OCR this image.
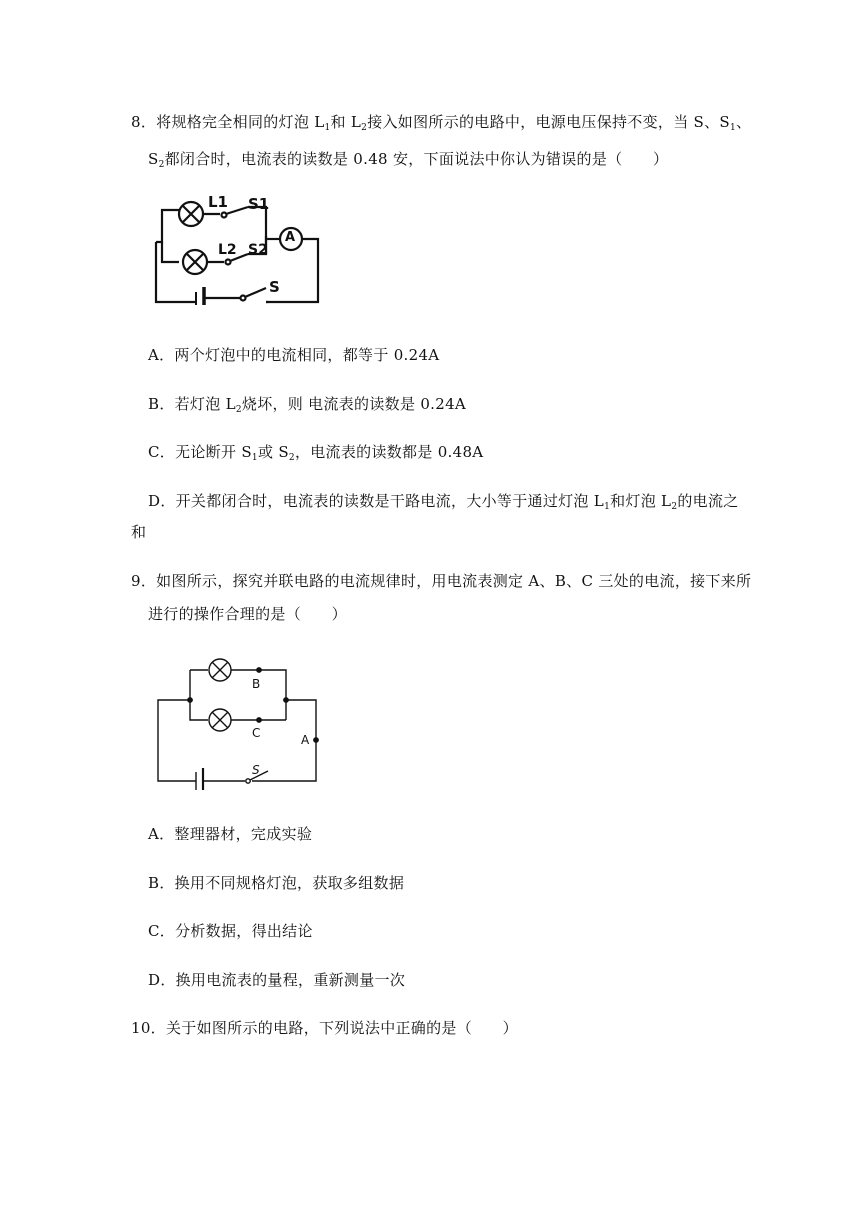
8．将规格完全相同的灯泡 $L_1$和 $L_2$接入如图所示的电路中，电源电压保持不变，当 S、$S_1$、
$S_2$都闭合时，电流表的读数是 0.48 安，下面说法中你认为错误的是（　　）
L1 S1
L2 S2
A
S
A．两个灯泡中的电流相同，都等于 0.24A
B．若灯泡 $L_2$烧坏，则 电流表的读数是 0.24A
C．无论断开 $S_1$或 $S_2$，电流表的读数都是 0.48A
D．开关都闭合时，电流表的读数是干路电流，大小等于通过灯泡 $L_1$和灯泡 $L_2$的电流之
和
9．如图所示，探究并联电路的电流规律时，用电流表测定 A、B、C 三处的电流，接下来所
进行的操作合理的是（　　）
B
C	A
S
A．整理器材，完成实验
B．换用不同规格灯泡，获取多组数据
C．分析数据，得出结论
D．换用电流表的量程，重新测量一次
10．关于如图所示的电路，下列说法中正确的是（　　）
